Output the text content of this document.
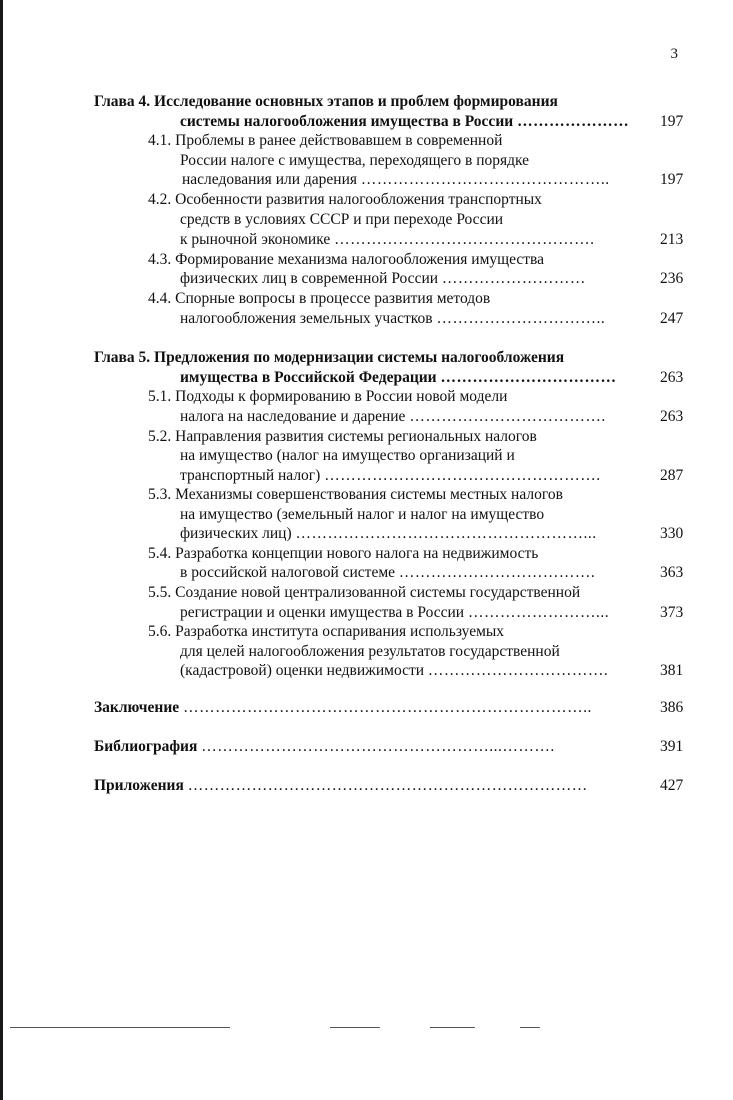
3
Глава 4. Исследование основных этапов и проблем формирования
системы налогообложения имущества в России ………………… 197
4.1. Проблемы в ранее действовавшем в современной
России налоге с имущества, переходящего в порядке
наследования или дарения ………………………………………..	197
4.2. Особенности развития налогообложения транспортных
средств в условиях СССР и при переходе России
к рыночной экономике ………………………………………….	213
4.3. Формирование механизма налогообложения имущества
физических лиц в современной России ………………………	236
4.4. Спорные вопросы в процессе развития методов
налогообложения земельных участков …………………………..	247
Глава 5. Предложения по модернизации системы налогообложения
имущества в Российской Федерации ……………………………	263
5.1. Подходы к формированию в России новой модели
налога на наследование и дарение ……………………………….	263
5.2. Направления развития системы региональных налогов
на имущество (налог на имущество организаций и
транспортный налог) …………………………………………….	287
5.3. Механизмы совершенствования системы местных налогов
на имущество (земельный налог и налог на имущество
физических лиц) ………………………………………………...	330
5.4. Разработка концепции нового налога на недвижимость
в российской налоговой системе ……………………………….	363
5.5. Создание новой централизованной системы государственной
регистрации и оценки имущества в России ……………………...	373
5.6. Разработка института оспаривания используемых
для целей налогообложения результатов государственной
(кадастровой) оценки недвижимости …………………………….	381
Заключение …………………………………………………………………..	386
Библиография ………………………………………………...……….	391
Приложения …………………………………………………………………	427
